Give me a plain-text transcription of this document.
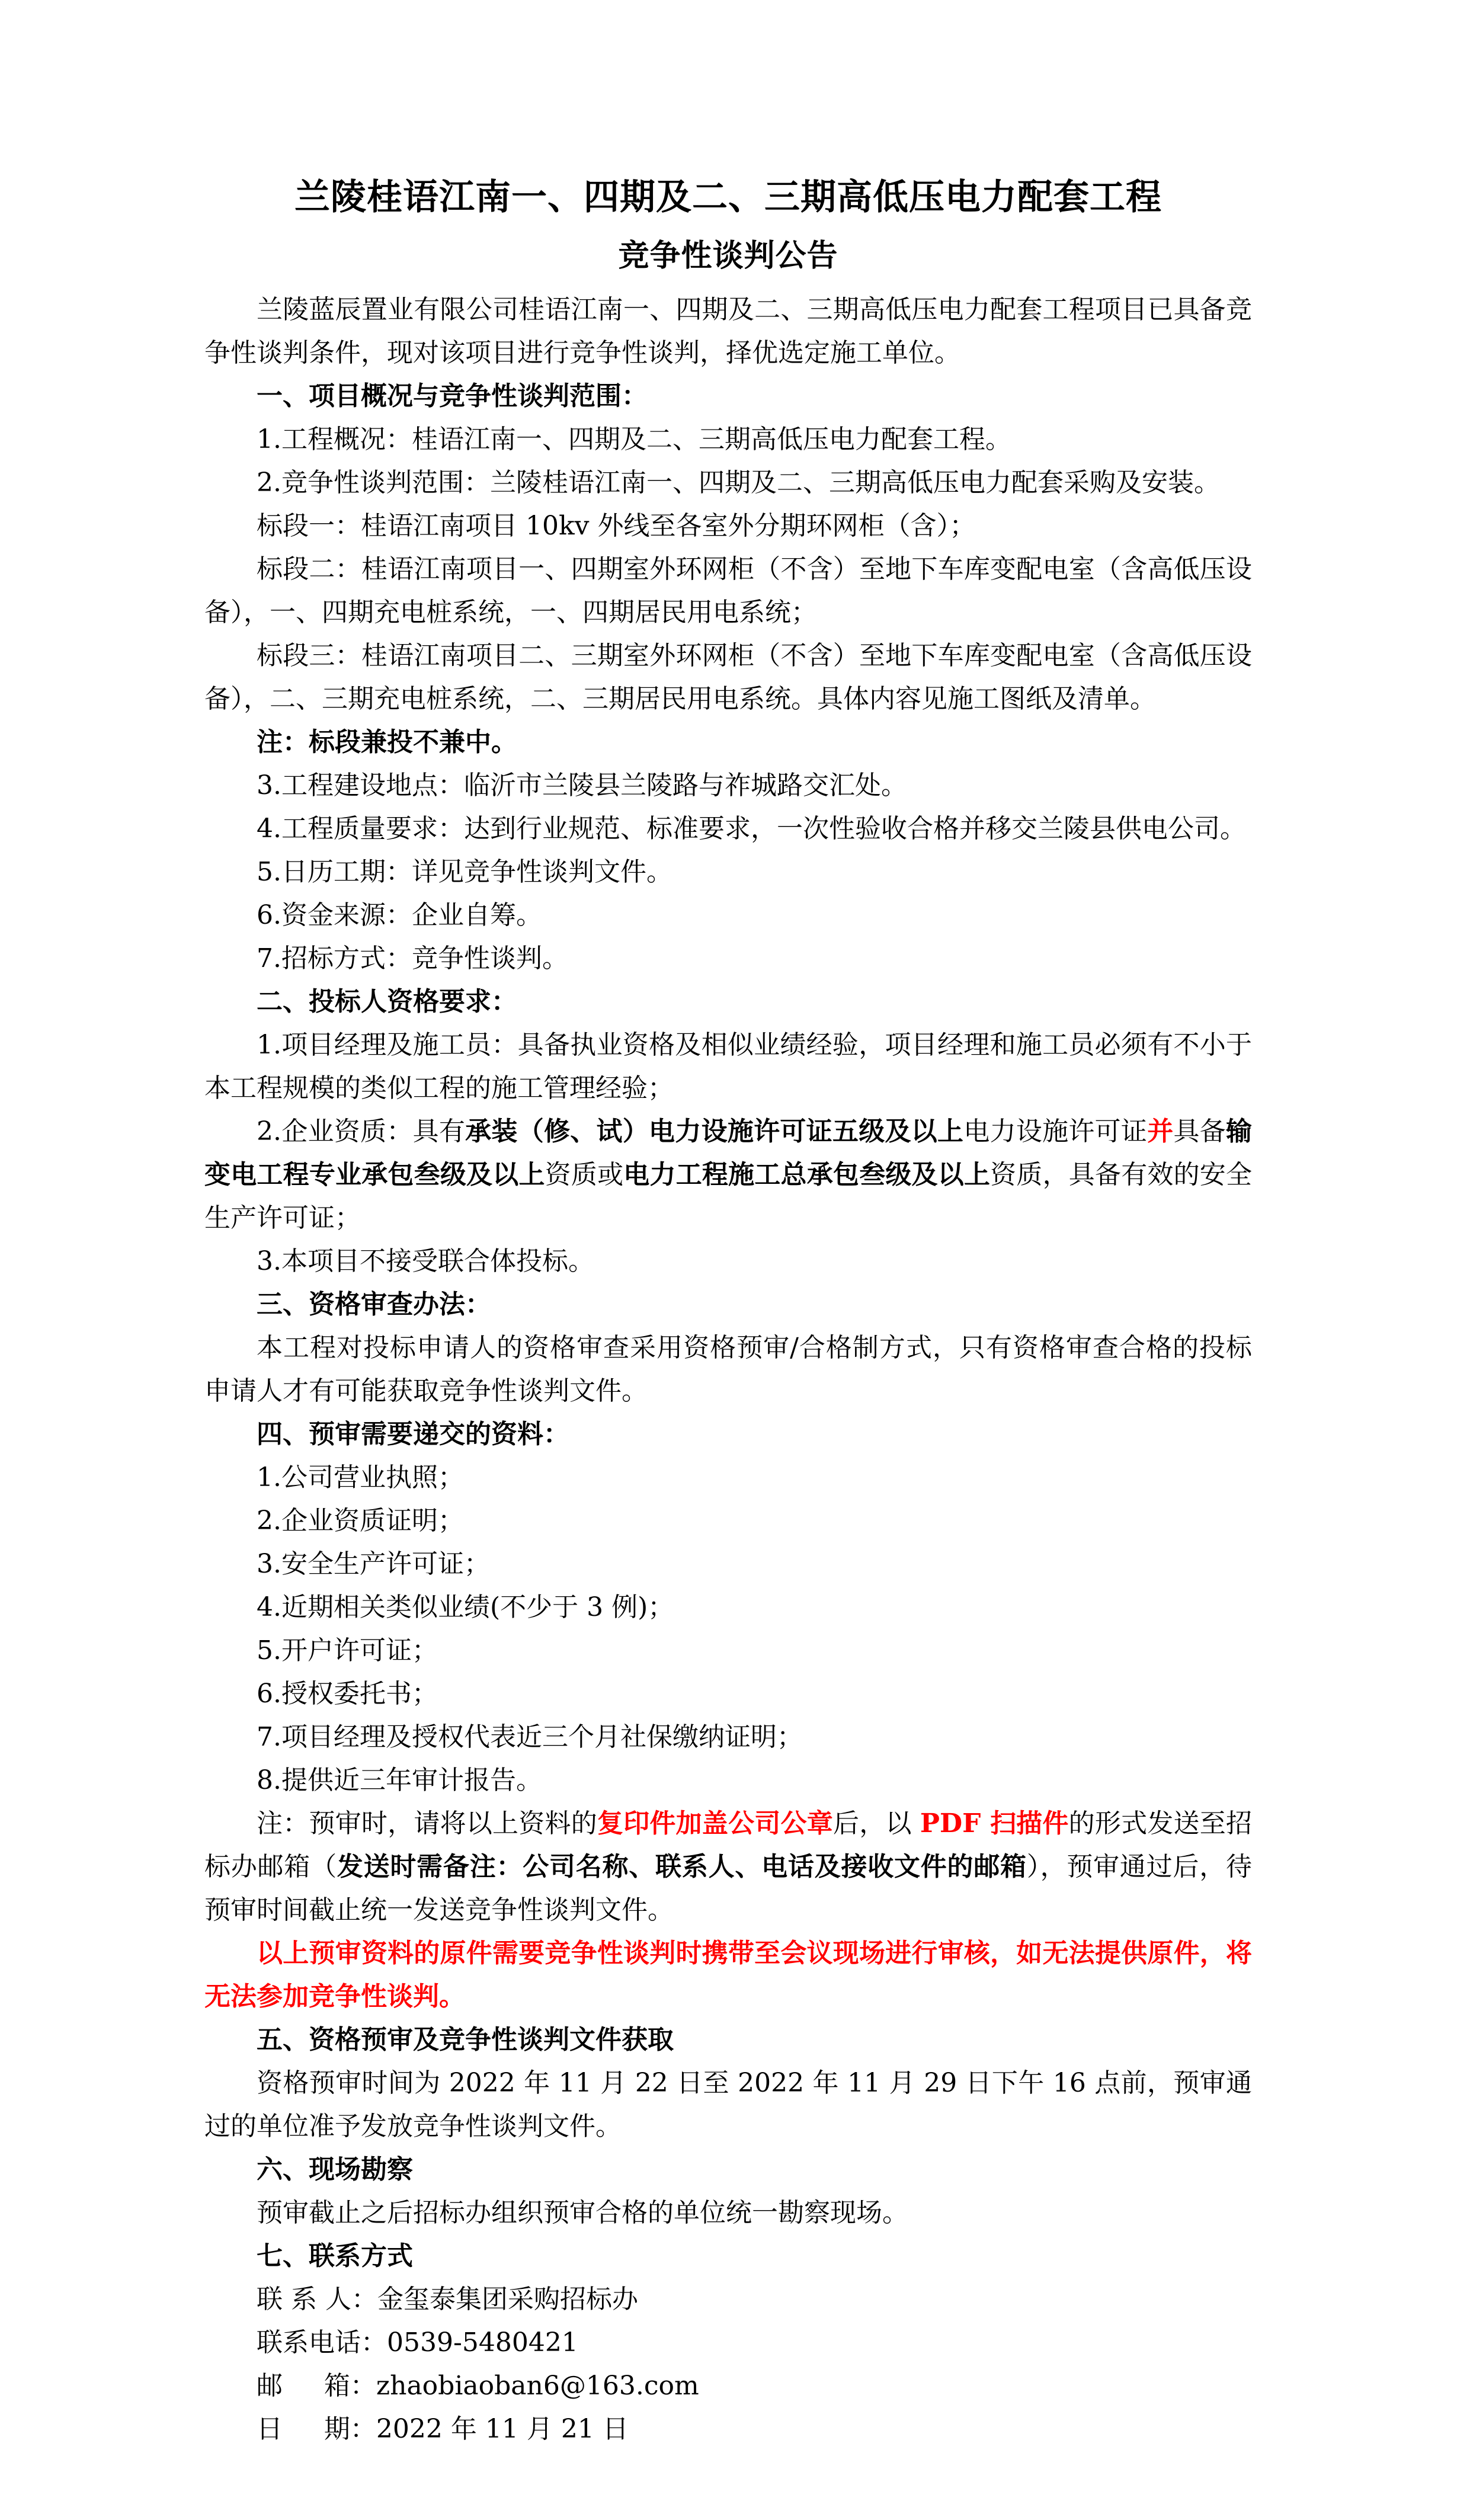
兰陵桂语江南一、四期及二、三期高低压电力配套工程
竞争性谈判公告

兰陵蓝辰置业有限公司桂语江南一、四期及二、三期高低压电力配套工程项目已具备竞争性谈判条件，现对该项目进行竞争性谈判，择优选定施工单位。

一、项目概况与竞争性谈判范围：

1.工程概况：桂语江南一、四期及二、三期高低压电力配套工程。

2.竞争性谈判范围：兰陵桂语江南一、四期及二、三期高低压电力配套采购及安装。

标段一：桂语江南项目 10kv 外线至各室外分期环网柜（含）；

标段二：桂语江南项目一、四期室外环网柜（不含）至地下车库变配电室（含高低压设备），一、四期充电桩系统，一、四期居民用电系统；

标段三：桂语江南项目二、三期室外环网柜（不含）至地下车库变配电室（含高低压设备），二、三期充电桩系统，二、三期居民用电系统。具体内容见施工图纸及清单。

注：标段兼投不兼中。

3.工程建设地点：临沂市兰陵县兰陵路与祚城路交汇处。

4.工程质量要求：达到行业规范、标准要求，一次性验收合格并移交兰陵县供电公司。

5.日历工期：详见竞争性谈判文件。

6.资金来源：企业自筹。

7.招标方式：竞争性谈判。

二、投标人资格要求：

1.项目经理及施工员：具备执业资格及相似业绩经验，项目经理和施工员必须有不小于本工程规模的类似工程的施工管理经验；

2.企业资质：具有承装（修、试）电力设施许可证五级及以上电力设施许可证并具备输变电工程专业承包叁级及以上资质或电力工程施工总承包叁级及以上资质，具备有效的安全生产许可证；

3.本项目不接受联合体投标。

三、资格审查办法：

本工程对投标申请人的资格审查采用资格预审/合格制方式，只有资格审查合格的投标申请人才有可能获取竞争性谈判文件。

四、预审需要递交的资料：

1.公司营业执照；

2.企业资质证明；

3.安全生产许可证；

4.近期相关类似业绩(不少于 3 例)；

5.开户许可证；

6.授权委托书；

7.项目经理及授权代表近三个月社保缴纳证明；

8.提供近三年审计报告。

注：预审时，请将以上资料的复印件加盖公司公章后，以 PDF 扫描件的形式发送至招标办邮箱（发送时需备注：公司名称、联系人、电话及接收文件的邮箱），预审通过后，待预审时间截止统一发送竞争性谈判文件。

以上预审资料的原件需要竞争性谈判时携带至会议现场进行审核，如无法提供原件，将无法参加竞争性谈判。

五、资格预审及竞争性谈判文件获取

资格预审时间为 2022 年 11 月 22 日至 2022 年 11 月 29 日下午 16 点前，预审通过的单位准予发放竞争性谈判文件。

六、现场勘察

预审截止之后招标办组织预审合格的单位统一勘察现场。

七、联系方式

联 系 人：金玺泰集团采购招标办

联系电话：0539-5480421

邮     箱：zhaobiaoban6@163.com

日     期：2022 年 11 月 21 日
